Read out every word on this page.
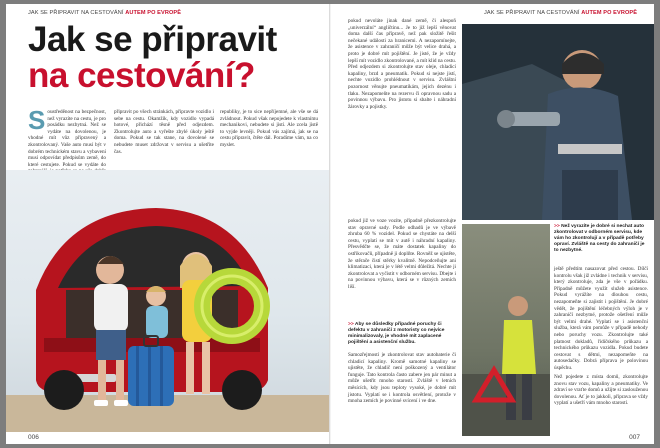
JAK SE PŘIPRAVIT NA CESTOVÁNÍ AUTEM PO EVROPĚ
Jak se připravit
na cestování?
S oustředěnost na bezpečnost, než vyrazíte na cestu, je pro posádku nezbytná. Než se vydáte na dovolenou, je vhodné mít vůz připravený a zkontrolovaný. Vaše auto musí být v dobrém technickém stavu a vybavení musí odpovídat předpisům země, do které cestujete. Pokud se vydáte do
připravit po všech stránkách, připravte vozidlo i sebe na cestu. Okamžik, kdy vozidlo vypadá hotové, přichází těsně před odjezdem. Zkontrolujte auto a vyřešte zbylé úkoly ještě doma. Pokud se tak stane, na dovolené se nebudete muset zdržovat v servisu a ušetříte čas.
republiky, je to sice nepříjemné, ale vše se dá zvládnout. Pokud však nepojedete k vlastnímu mechanikovi, nebudete si jistí. Ale zcela jistě to vyjde levněji. Pokud vás zajímá, jak se na cestu připravit, čtěte dál. Poradíme vám, na co myslet.
006
JAK SE PŘIPRAVIT NA CESTOVÁNÍ AUTEM PO EVROPĚ
pokud nevoláte jinak dané země, či alespoň „univerzální“ angličtinu... Je to již lepší věnovat doma další čas přípravě, než pak složitě řešit nečekané události za hranicemi. A nezapomínejte, že asistence v zahraničí může být velice drahá, a proto je dobré mít pojištění. Je jisté, že je vždy lepší mít vozidlo zkontrolované, a mít klid na cestu. Před odjezdem si zkontrolujte stav oleje, chladicí kapaliny, brzd a pneumatik. Pokud si nejste jistí, nechte vozidlo prohlédnout v servisu. Zvláštní pozornost věnujte pneumatikám, jejich dezénu i tlaku. Nezapomeňte na rezervu či opravnou sadu a povinnou výbavu. Pro jistotu si sbalte i náhradní žárovky a pojistky.
pokud již ve voze vozíte, případně přezkontrolujte stav opravné sady. Podle odhadů je ve výbavě zhruba 60 % vozidel. Pokud se chystáte na delší cestu, vyplatí se mít v autě i náhradní kapaliny. Přesvědčte se, že máte dostatek kapaliny do ostřikovačů, případně ji doplňte. Rovněž se ujistěte, že stěrače čistí stěrky kvalitně. Nepodceňujte ani klimatizaci, která je v létě velmi důležitá. Nechte ji zkontrolovat a vyčistit v odborném servisu. Dbejte i na povinnou výbavu, která se v různých zemích liší.
>> Aby se důsledky případné poruchy či defektu v zahraničí z motoristy co nejvíce minimalizovaly, je vhodné mít zaplacené pojištění a asistenční službu.
Samozřejmostí je zkontrolovat stav autobaterie či chladicí kapaliny. Kromě samotné kapaliny se ujistěte, že chladič není poškozený a ventilátor funguje. Tato kontrola často zabere jen pár minut a může ušetřit mnoho starostí. Zvláště v letních měsících, kdy jsou teploty vysoké, je dobré mít jistotu. Vyplatí se i kontrola osvětlení, protože v mnoha zemích je povinné svícení i ve dne.
>> Než vyrazíte je dobré si nechat auto zkontrolovat v odborném servisu, kde vám ho zkontrolují a v případě potřeby opraví. Zvláště na cesty do zahraničí je to nezbytné.
ještě předtím nasazovat před cestou. Dílčí kontrolu však již zvládne i technik v servisu, který zkontroluje, zda je vše v pořádku. Případně můžete využít služeb asistence. Pokud vyrážíte na dlouhou cestu, nezapomeňte si zajistit i pojištění. Je dobré vědět, že pojištění léčebných výloh je v zahraničí nezbytné, protože ošetření může být velmi drahé. Vyplatí se i asistenční služba, která vám pomůže v případě nehody nebo poruchy vozu. Zkontrolujte také platnost dokladů, řidičského průkazu a technického průkazu vozidla. Pokud budete cestovat s dětmi, nezapomeňte na autosedačky. Dobrá příprava je polovinou úspěchu.
Než pojedete z místa domů, zkontrolujte znovu stav vozu, kapaliny a pneumatiky. Ve zdraví se vraťte domů a užijte si zaslouženou dovolenou. Ať je to jakkoli, příprava se vždy vyplatí a ušetří vám mnoho starostí.
007
